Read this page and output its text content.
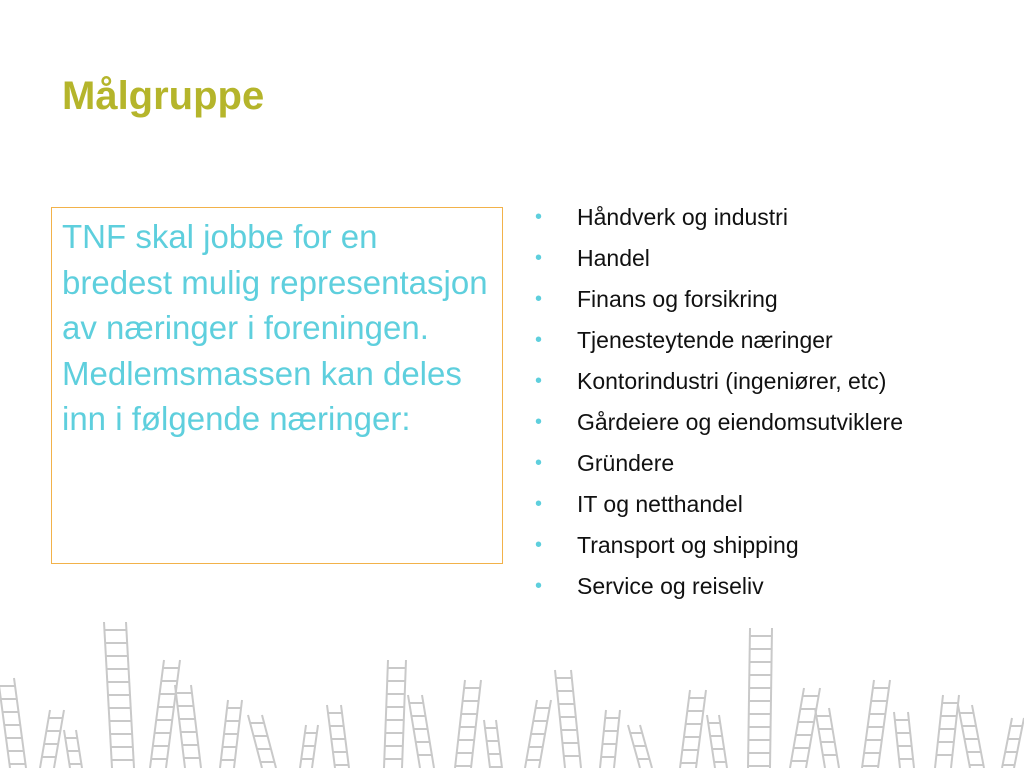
Målgruppe

TNF skal jobbe for en bredest mulig representasjon av næringer i foreningen. Medlemsmassen kan deles inn i følgende næringer:

• Håndverk og industri
• Handel
• Finans og forsikring
• Tjenesteytende næringer
• Kontorindustri (ingeniører, etc)
• Gårdeiere og eiendomsutviklere
• Gründere
• IT og netthandel
• Transport og shipping
• Service og reiseliv
